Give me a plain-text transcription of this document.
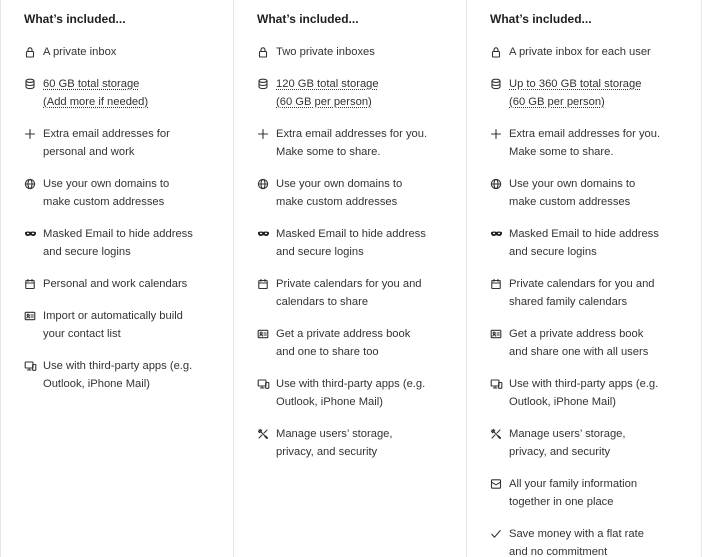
What’s included...
A private inbox
60 GB total storage
(Add more if needed)
Extra email addresses for
personal and work
Use your own domains to
make custom addresses
Masked Email to hide address
and secure logins
Personal and work calendars
Import or automatically build
your contact list
Use with third-party apps (e.g.
Outlook, iPhone Mail)
What’s included...
Two private inboxes
120 GB total storage
(60 GB per person)
Extra email addresses for you.
Make some to share.
Use your own domains to
make custom addresses
Masked Email to hide address
and secure logins
Private calendars for you and
calendars to share
Get a private address book
and one to share too
Use with third-party apps (e.g.
Outlook, iPhone Mail)
Manage users’ storage,
privacy, and security
What’s included...
A private inbox for each user
Up to 360 GB total storage
(60 GB per person)
Extra email addresses for you.
Make some to share.
Use your own domains to
make custom addresses
Masked Email to hide address
and secure logins
Private calendars for you and
shared family calendars
Get a private address book
and share one with all users
Use with third-party apps (e.g.
Outlook, iPhone Mail)
Manage users’ storage,
privacy, and security
All your family information
together in one place
Save money with a flat rate
and no commitment
